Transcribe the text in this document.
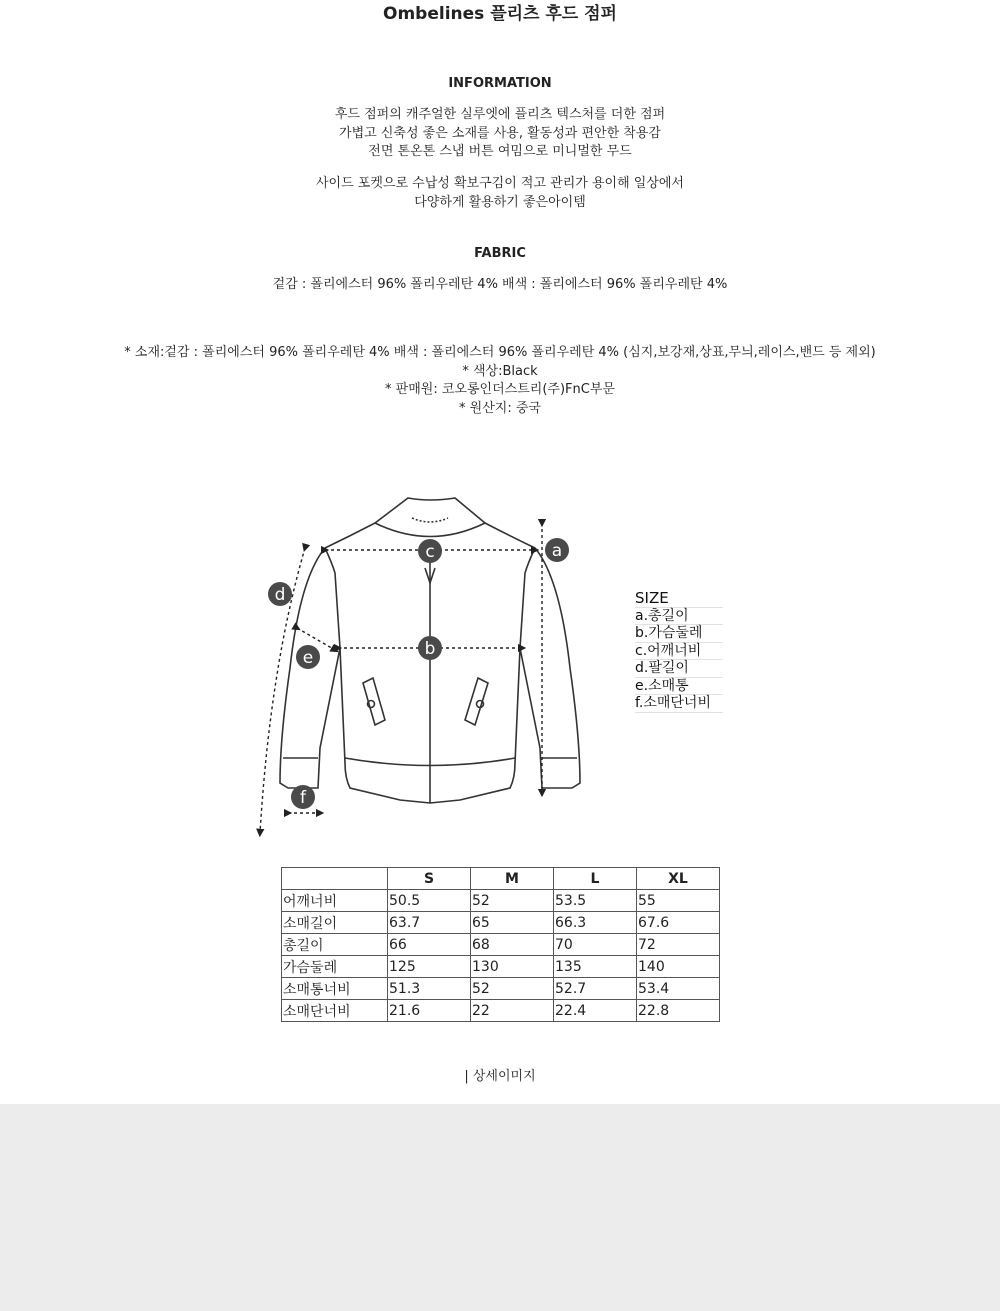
Ombelines 플리츠 후드 점퍼
INFORMATION
후드 점퍼의 캐주얼한 실루엣에 플리츠 텍스처를 더한 점퍼
가볍고 신축성 좋은 소재를 사용, 활동성과 편안한 착용감
전면 톤온톤 스냅 버튼 여밈으로 미니멀한 무드
사이드 포켓으로 수납성 확보구김이 적고 관리가 용이해 일상에서
다양하게 활용하기 좋은아이템
FABRIC
겉감 : 폴리에스터 96% 폴리우레탄 4% 배색 : 폴리에스터 96% 폴리우레탄 4%
* 소재:겉감 : 폴리에스터 96% 폴리우레탄 4% 배색 : 폴리에스터 96% 폴리우레탄 4% (심지,보강재,상표,무늬,레이스,밴드 등 제외)
* 색상:Black
* 판매원: 코오롱인더스트리(주)FnC부문
* 원산지: 중국
a
b
c
d
e
f
SIZE
a.총길이
b.가슴둘레
c.어깨너비
d.팔길이
e.소매통
f.소매단너비
	S	M	L	XL
어깨너비	50.5	52	53.5	55
소매길이	63.7	65	66.3	67.6
총길이	66	68	70	72
가슴둘레	125	130	135	140
소매통너비	51.3	52	52.7	53.4
소매단너비	21.6	22	22.4	22.8
| 상세이미지
